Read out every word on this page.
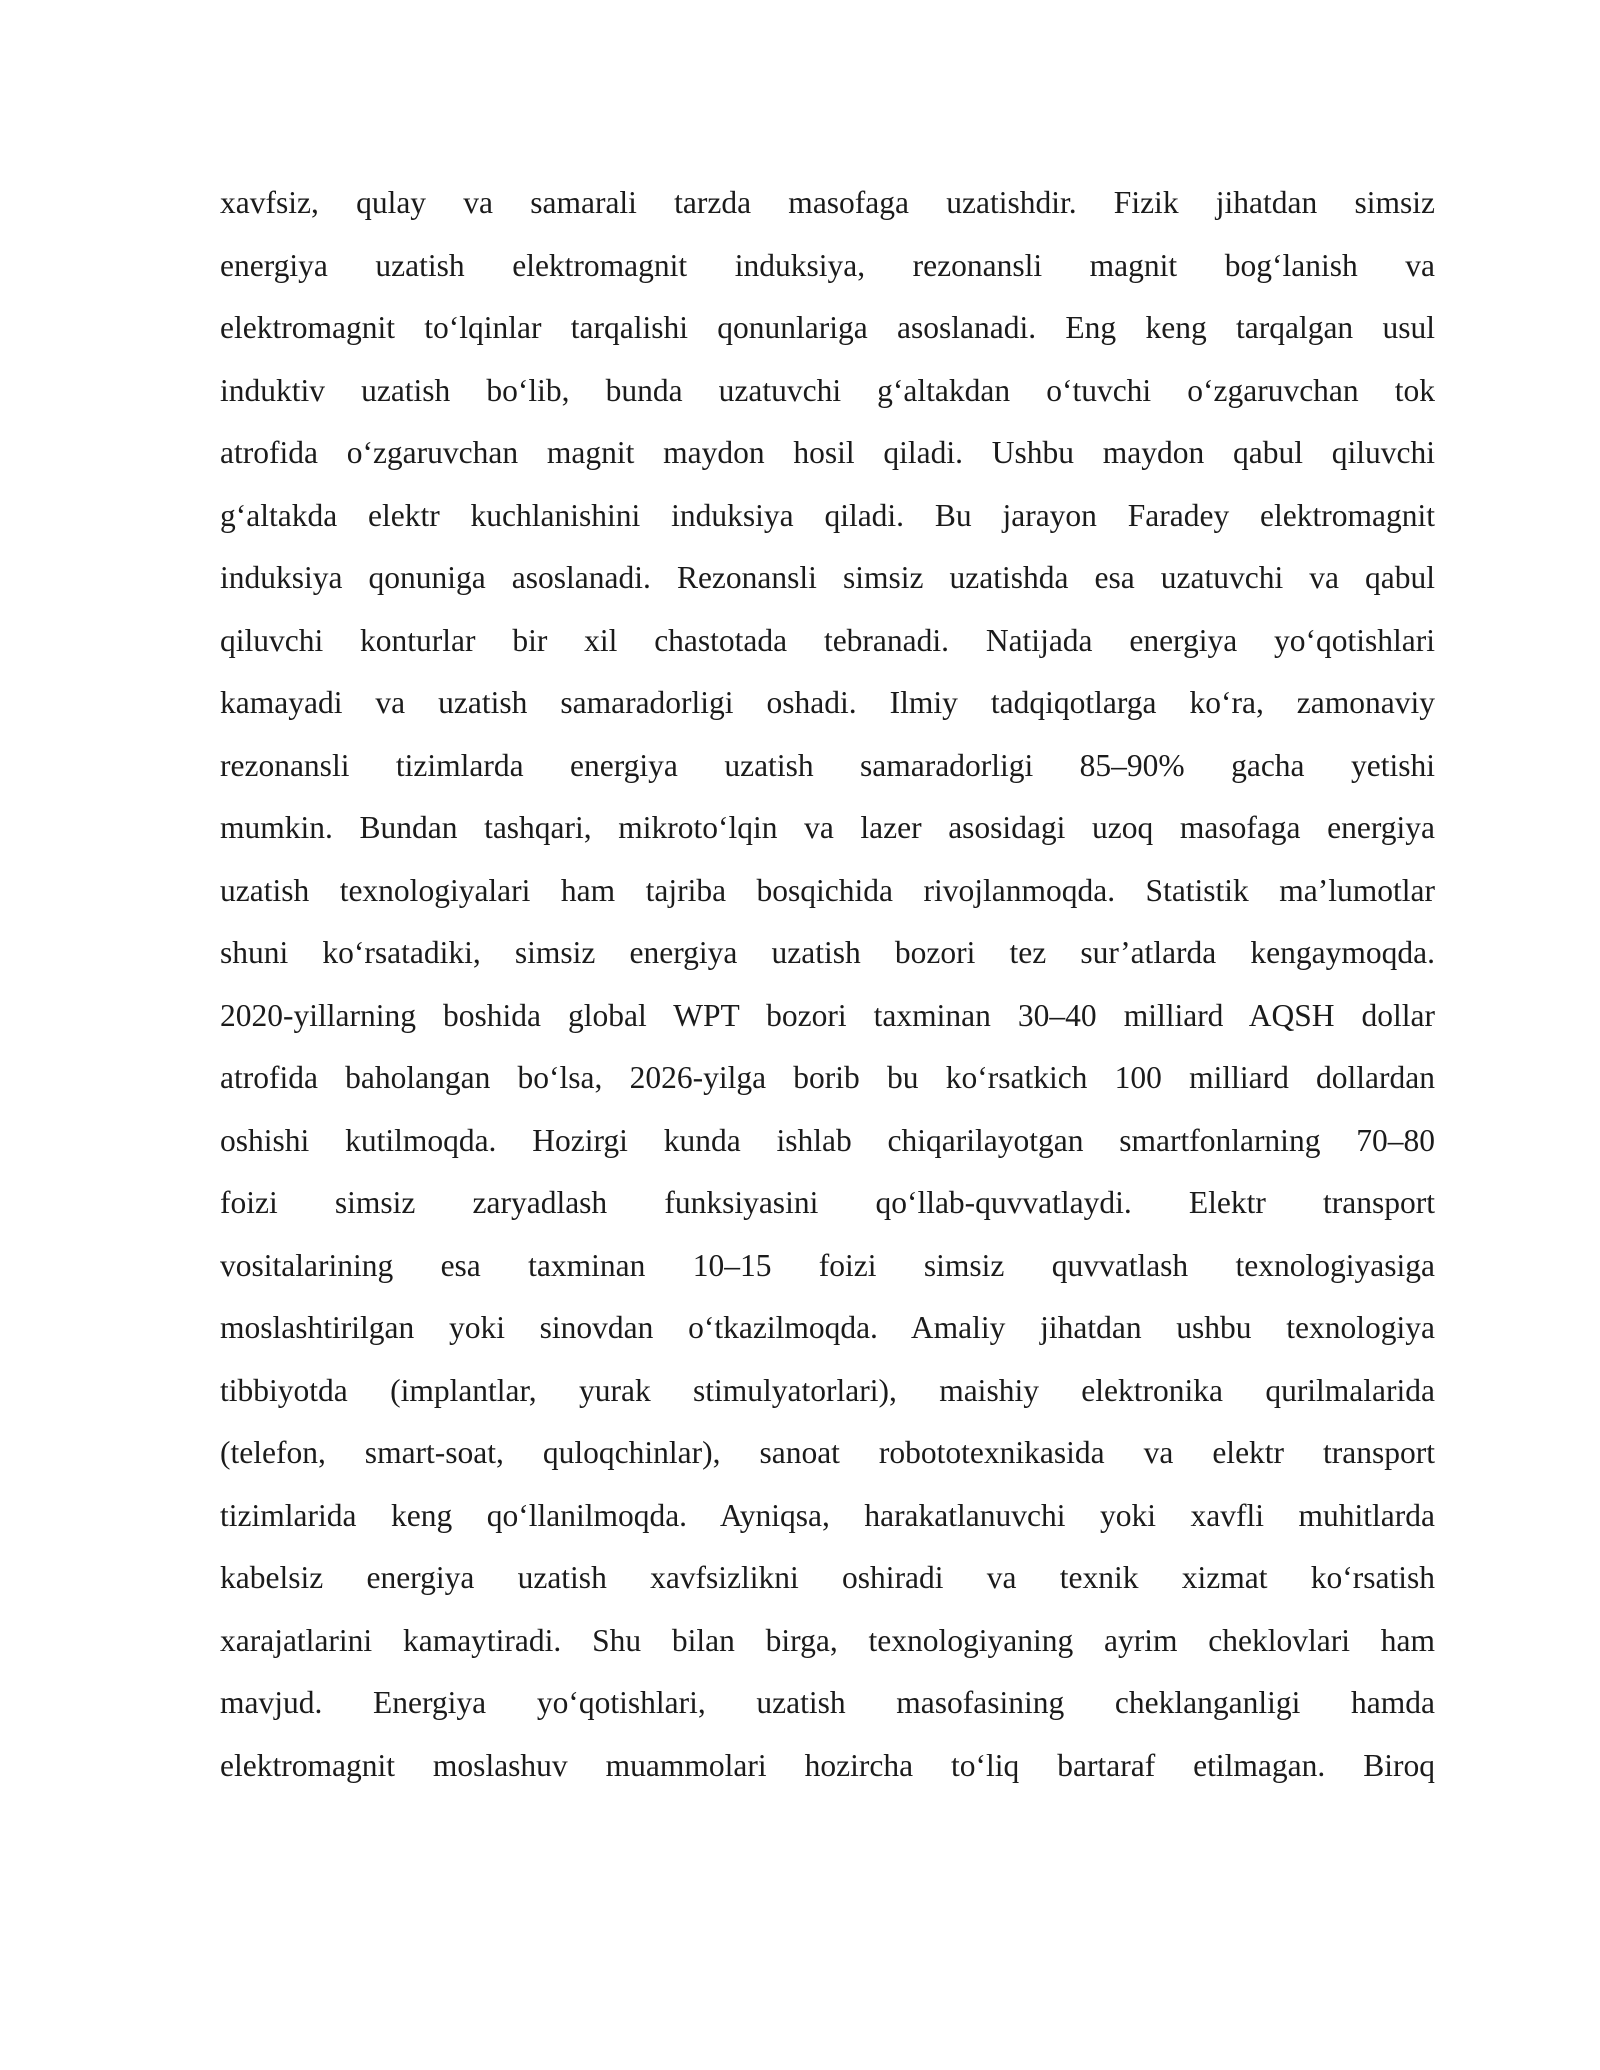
xavfsiz, qulay va samarali tarzda masofaga uzatishdir. Fizik jihatdan simsiz
energiya uzatish elektromagnit induksiya, rezonansli magnit bog‘lanish va
elektromagnit to‘lqinlar tarqalishi qonunlariga asoslanadi. Eng keng tarqalgan usul
induktiv uzatish bo‘lib, bunda uzatuvchi g‘altakdan o‘tuvchi o‘zgaruvchan tok
atrofida o‘zgaruvchan magnit maydon hosil qiladi. Ushbu maydon qabul qiluvchi
g‘altakda elektr kuchlanishini induksiya qiladi. Bu jarayon Faradey elektromagnit
induksiya qonuniga asoslanadi. Rezonansli simsiz uzatishda esa uzatuvchi va qabul
qiluvchi konturlar bir xil chastotada tebranadi. Natijada energiya yo‘qotishlari
kamayadi va uzatish samaradorligi oshadi. Ilmiy tadqiqotlarga ko‘ra, zamonaviy
rezonansli tizimlarda energiya uzatish samaradorligi 85–90% gacha yetishi
mumkin. Bundan tashqari, mikroto‘lqin va lazer asosidagi uzoq masofaga energiya
uzatish texnologiyalari ham tajriba bosqichida rivojlanmoqda. Statistik ma’lumotlar
shuni ko‘rsatadiki, simsiz energiya uzatish bozori tez sur’atlarda kengaymoqda.
2020-yillarning boshida global WPT bozori taxminan 30–40 milliard AQSH dollar
atrofida baholangan bo‘lsa, 2026-yilga borib bu ko‘rsatkich 100 milliard dollardan
oshishi kutilmoqda. Hozirgi kunda ishlab chiqarilayotgan smartfonlarning 70–80
foizi simsiz zaryadlash funksiyasini qo‘llab-quvvatlaydi. Elektr transport
vositalarining esa taxminan 10–15 foizi simsiz quvvatlash texnologiyasiga
moslashtirilgan yoki sinovdan o‘tkazilmoqda. Amaliy jihatdan ushbu texnologiya
tibbiyotda (implantlar, yurak stimulyatorlari), maishiy elektronika qurilmalarida
(telefon, smart-soat, quloqchinlar), sanoat robototexnikasida va elektr transport
tizimlarida keng qo‘llanilmoqda. Ayniqsa, harakatlanuvchi yoki xavfli muhitlarda
kabelsiz energiya uzatish xavfsizlikni oshiradi va texnik xizmat ko‘rsatish
xarajatlarini kamaytiradi. Shu bilan birga, texnologiyaning ayrim cheklovlari ham
mavjud. Energiya yo‘qotishlari, uzatish masofasining cheklanganligi hamda
elektromagnit moslashuv muammolari hozircha to‘liq bartaraf etilmagan. Biroq
